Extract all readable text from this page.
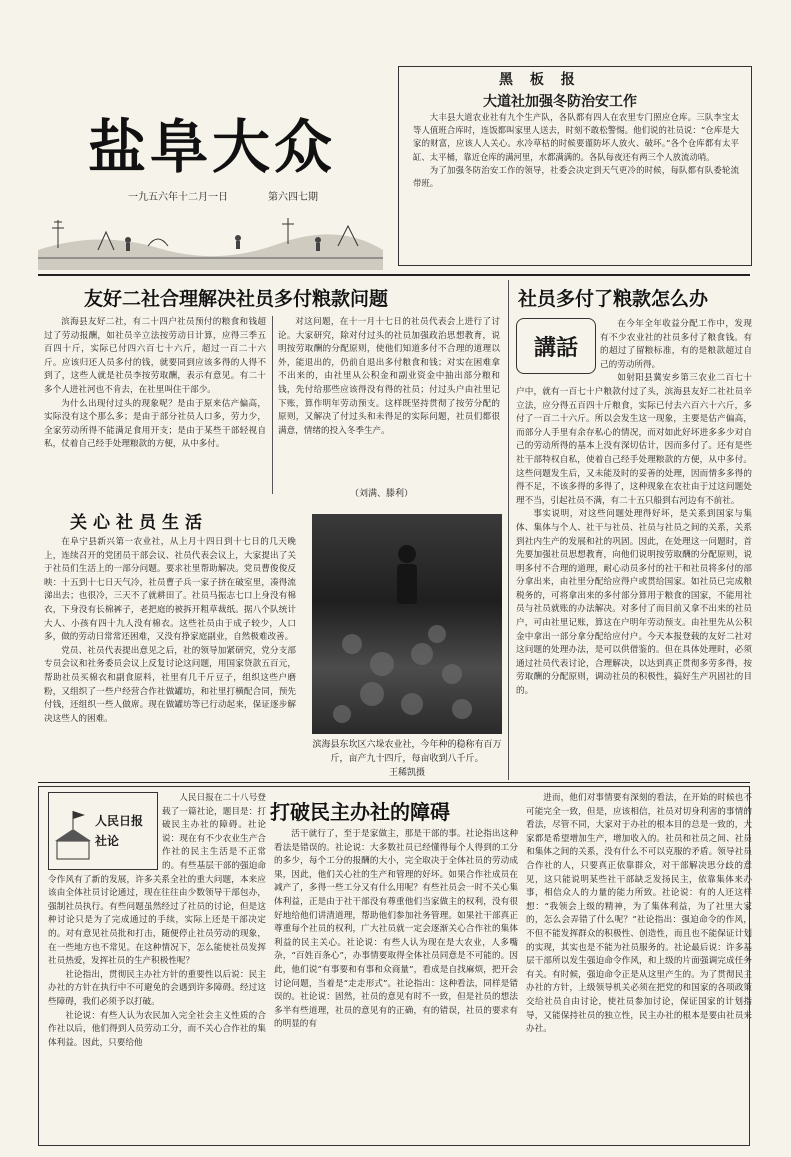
盐阜大众
一九五六年十二月一日	第六四七期
黑 板 报
大道社加强冬防治安工作

大丰县大道农业社有九个生产队，各队都有四人在农里专门照应仓库。三队李宝太等人值班合库时，连饭都叫家里人送去，时刻不敢松警惕。他们说的社员说：“仓库是大家的财富，应该人人关心。水冷草枯的时候要谨防坏人放火、破坏。”各个仓库都有太平缸、太平桶，靠近仓库的满河里，水都满满的。各队每夜还有两三个人放流动哨。

为了加强冬防治安工作的领导，社委会决定到天气更冷的时候，每队都有队委轮流带班。

友好二社合理解决社员多付粮款问题

滨海县友好二社，有二十四户社员预付的粮食和钱超过了劳动报酬，如社员辛立法按劳动日计算，应得三季五百四十斤，实际已付四六百七十六斤，超过一百二十六斤。应该归还人员多付的钱，就要同到应该多得的人得不到了，这些人就是社员李按劳取酬，表示有意见。有二十多个人进社河也不肯去，在社里叫住干部少。

为什么出现付过头的现象呢？是由于原来估产偏高，实际没有这个那么多；是由于部分社员人口多，劳力少，全家劳动所得不能满足食用开支；是由于某些干部轻视自私，仗着自己经手处理粮款的方便，从中多付。

对这问题，在十一月十七日的社员代表会上进行了讨论。大家研究，除对付过头的社员加强政治思想教育，说明按劳取酬的分配原则，使他们知道多付不合理的道理以外，能退出的，仍前自退出多付粮食和钱；对实在困难拿不出来的，由社里从公积金和副业资金中抽出部分粮和钱，先付给那些应该得没有得的社员；付过头户由社里记下账，算作明年劳动预支。这样既坚持贯彻了按劳分配的原则，又解决了付过头和未得足的实际问题，社员们都很满意，情绪的投入冬季生产。

（刘满、滕利）
关心社员生活

在阜宁县新兴第一农业社，从上月十四日到十七日的几天晚上，连续召开的党团员干部会议、社员代表会议上，大家提出了关于社员们生活上的一部分问题。要求社里帮助解决。党员曹俊俊反映：十五到十七日天气冷，社员曹子兵一家子挤在破室里，凑得流涕出去；也很冷，三天不了就耕田了。社员马振志七口上身没有棉衣，下身没有长棉裤子，老把庭的被拆开粗草裁纸。据八个队统计大人、小孩有四十九人没有棉衣。这些社员由于成子较少，人口多，做的劳动日常常还困难，又没有挣家庭副业，自然极难改善。

党员、社员代表提出意见之后，社的领导加紧研究，党分支部专员会议和社务委员会议上反复讨论这问题，用国家贷款五百元，帮助社员买棉衣和副食原料，社里有几千斤豆子，组织这些户磨粉，又组织了一些户经营合作社做罐坊，和社里打横配合同，预先付钱，还组织一些人做席。现在做罐坊等已行动起来，保证逐步解决这些人的困难。

滨海县东坎区六垛农业社，今年种的稳称有百万斤，亩产九十四斤，每亩收到八千斤。
王稀凯摄
社员多付了粮款怎么办
講話

在今年全年收益分配工作中，发现有不少农业社的社员多付了粮食钱。有的超过了留粮标准，有的是粮款超过自己的劳动所得。

如射阳县冀安乡第三农业二百七十户中，就有一百七十户粮款付过了头，滨海县友好二社社员辛立法，应分得五百四十斤粮食，实际已付去六百六十六斤，多付了一百二十六斤。所以会发生这一现象，主要是估产偏高，而部分人手里有余存私心的情况，而对如此好坏进多多少对自己的劳动所得的基本上没有深切估计，因而多付了。还有是些社干部特权自私，使着自己经手处理粮款的方便，从中多付。这些问题发生后，又未能及时的妥善的处理，因而情多多得的得不足，不该多得的多得了，这种现象在农社由于过这问题处理不当，引起社员不满，有二十五只船到右河边有不前社。

事实说明，对这些问题处理得好坏，是关系到国家与集体、集体与个人、社干与社员、社员与社员之间的关系，关系到社内生产的发展和社的巩固。因此，在处理这一问题时，首先要加强社员思想教育，向他们说明按劳取酬的分配原则，说明多付不合理的道理，耐心动员多付的社干和社员将多付的部分拿出来，由社里分配给应得户或贯给国家。如社员已完成粮税务的，可将拿出来的多付部分算用于粮食的国家，不能用社员与社员就账的办法解决。对多付了而目前又拿不出来的社员户，可由社里记账，算这在户明年劳动预支。由社里先从公积金中拿出一部分拿分配给应付户。今天本报登载的友好二社对这问题的处理办法，是可以供借鉴的。但在具体处理时，必须通过社员代表讨论，合理解决，以达到真正贯彻多劳多得，按劳取酬的分配原则，调动社员的积极性，搞好生产巩固社的目的。

人民日报社论

人民日报在二十八号登载了一篇社论，题目是：打破民主办社的障碍。社论说：现在有不少农业生产合作社的民主生活是不正常的。有些基层干部的强迫命令作风有了新的发展，许多关系全社的重大问题，本来应该由全体社员讨论通过，现在往往由少数领导干部包办，强制社员执行。有些问题虽然经过了社员的讨论，但是这种讨论只是为了完成通过的手续，实际上还是干部决定的。对有意见社员批和打击，随便停止社员劳动的现象，在一些地方也不常见。在这种情况下，怎么能使社员发挥社员热爱，发挥社员的生产积极性呢？

社论指出，贯彻民主办社方针的重要性以后说：民主办社的方针在执行中不可避免的会遇到许多障碍。经过这些障碍，我们必须予以打破。

社论说：有些人认为农民加入完全社会主义性质的合作社以后，他们得到人员劳动工分，而不关心合作社的集体利益。因此，只要给他

打破民主办社的障碍

活干就行了，至于是家做主，那是干部的事。社论指出这种看法是错误的。社论说：大多数社员已经懂得每个人得到的工分的多少，每个工分的报酬的大小，完全取决于全体社员的劳动成果，因此，他们关心社的生产和管理的好坏。如果合作社成员在减产了，多得一些工分又有什么用呢？有些社员会一时不关心集体利益，正是由于社干部没有尊重他们当家做主的权利，没有很好地给他们讲清道理，帮助他们参加社务管理。如果社干部真正尊重每个社员的权利，广大社员就一定会逐渐关心合作社的集体利益的民主关心。社论说：有些人认为现在是大农业，人多嘴杂，“百姓百条心”，办事情要取得全体社员同意是不可能的。因此，他们说“有事要和有事和众商量”，看成是自找麻烦，把开会讨论问题，当着是“走走形式”。社论指出：这种看法，同样是错误的。社论说：固然，社员的意见有时不一致，但是社员的想法多半有些道理，社员的意见有的正确，有的错误，社员的要求有的明显的有

进而，他们对事情要有深刻的看法，在开始的时候也不可能完全一致，但是，应该相信，社员对切身利害的事情的看法，尽管不同，大家对于办社的根本目的总是一致的，大家都是希望增加生产，增加收入的。社员和社员之间、社员和集体之间的关系，没有什么不可以克服的矛盾。领导社员合作社的人，只要真正依靠群众，对干部解决思分歧的意见，这只能说明某些社干部缺乏发扬民主，依靠集体来办事，相信众人的力量的能力所致。社论说：有的人还这样想：“我领会上级的精神，为了集体利益，为了社里大家的，怎么会弄错了什么呢？”社论指出：强迫命令的作风，不但不能发挥群众的积极性、创造性，而且也不能保证计划的实现，其实也是不能为社员服务的。社论最后说：许多基层干部所以发生强迫命令作风，和上级的片面强调完成任务有关。有时候，强迫命令正是从这里产生的。为了贯彻民主办社的方针，上级领导机关必须在把党的和国家的各项政策交给社员自由讨论，使社员参加讨论，保证国家的计划指导，又能保持社员的独立性，民主办社的根本是要由社员来办社。
